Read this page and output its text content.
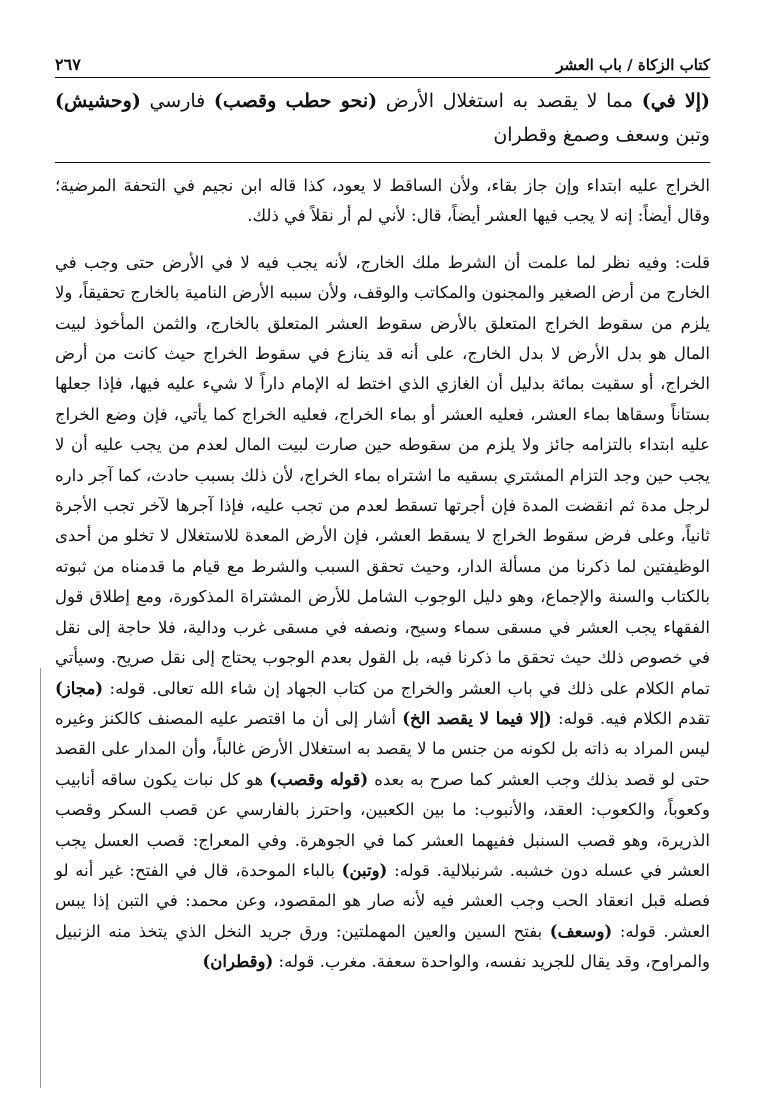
كتاب الزكاة / باب العشر
٢٦٧
(إلا في) مما لا يقصد به استغلال الأرض (نحو حطب وقصب) فارسي (وحشيش) وتبن وسعف وصمغ وقطران

الخراج عليه ابتداء وإن جاز بقاء، ولأن الساقط لا يعود، كذا قاله ابن نجيم في التحفة المرضية؛ وقال أيضاً: إنه لا يجب فيها العشر أيضاً، قال: لأني لم أر نقلاً في ذلك.

قلت: وفيه نظر لما علمت أن الشرط ملك الخارج، لأنه يجب فيه لا في الأرض حتى وجب في الخارج من أرض الصغير والمجنون والمكاتب والوقف، ولأن سببه الأرض النامية بالخارج تحقيقاً، ولا يلزم من سقوط الخراج المتعلق بالأرض سقوط العشر المتعلق بالخارج، والثمن المأخوذ لبيت المال هو بدل الأرض لا بدل الخارج، على أنه قد ينازع في سقوط الخراج حيث كانت من أرض الخراج، أو سقيت بمائة بدليل أن الغازي الذي اختط له الإمام داراً لا شيء عليه فيها، فإذا جعلها بستاناً وسقاها بماء العشر، فعليه العشر أو بماء الخراج، فعليه الخراج كما يأتي، فإن وضع الخراج عليه ابتداء بالتزامه جائز ولا يلزم من سقوطه حين صارت لبيت المال لعدم من يجب عليه أن لا يجب حين وجد التزام المشتري بسقيه ما اشتراه بماء الخراج، لأن ذلك بسبب حادث، كما آجر داره لرجل مدة ثم انقضت المدة فإن أجرتها تسقط لعدم من تجب عليه، فإذا آجرها لآخر تجب الأجرة ثانياً، وعلى فرض سقوط الخراج لا يسقط العشر، فإن الأرض المعدة للاستغلال لا تخلو من أحدى الوظيفتين لما ذكرنا من مسألة الدار، وحيث تحقق السبب والشرط مع قيام ما قدمناه من ثبوته بالكتاب والسنة والإجماع، وهو دليل الوجوب الشامل للأرض المشتراة المذكورة، ومع إطلاق قول الفقهاء يجب العشر في مسقى سماء وسيح، ونصفه في مسقى غرب ودالية، فلا حاجة إلى نقل في خصوص ذلك حيث تحقق ما ذكرنا فيه، بل القول بعدم الوجوب يحتاج إلى نقل صريح. وسيأتي تمام الكلام على ذلك في باب العشر والخراج من كتاب الجهاد إن شاء الله تعالى. قوله: (مجاز) تقدم الكلام فيه. قوله: (إلا فيما لا يقصد الخ) أشار إلى أن ما اقتصر عليه المصنف كالكنز وغيره ليس المراد به ذاته بل لكونه من جنس ما لا يقصد به استغلال الأرض غالباً، وأن المدار على القصد حتى لو قصد بذلك وجب العشر كما صرح به بعده (قوله وقصب) هو كل نبات يكون ساقه أنابيب وكعوباً، والكعوب: العقد، والأنبوب: ما بين الكعبين، واحترز بالفارسي عن قصب السكر وقصب الذريرة، وهو قصب السنبل ففيهما العشر كما في الجوهرة. وفي المعراج: قصب العسل يجب العشر في عسله دون خشبه. شرنبلالية. قوله: (وتبن) بالباء الموحدة، قال في الفتح: غير أنه لو فصله قبل انعقاد الحب وجب العشر فيه لأنه صار هو المقصود، وعن محمد: في التبن إذا يبس العشر. قوله: (وسعف) بفتح السين والعين المهملتين: ورق جريد النخل الذي يتخذ منه الزنبيل والمراوح، وقد يقال للجريد نفسه، والواحدة سعفة. مغرب. قوله: (وقطران)
